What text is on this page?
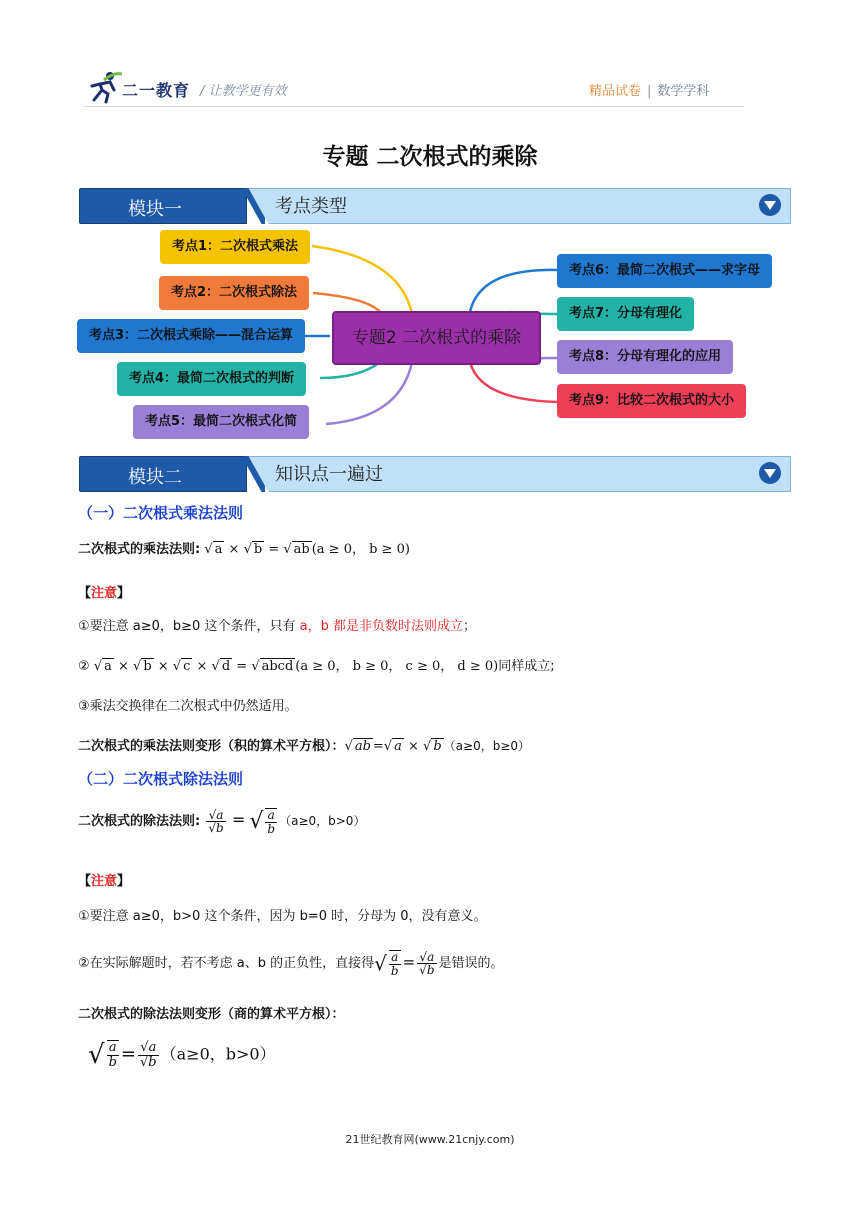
二一教育 / 让教学更有效	精品试卷 | 数学学科
专题 二次根式的乘除
模块一	考点类型
考点1：二次根式乘法
考点2：二次根式除法
考点3：二次根式乘除——混合运算
考点4：最简二次根式的判断
考点5：最简二次根式化简
专题2 二次根式的乘除
考点6：最简二次根式——求字母
考点7：分母有理化
考点8：分母有理化的应用
考点9：比较二次根式的大小
模块二	知识点一遍过
（一）二次根式乘法法则
二次根式的乘法法则: √ a × √ b = √ ab (a ≥ 0， b ≥ 0)
【注意】
①要注意 a≥0，b≥0 这个条件，只有 a，b 都是非负数时法则成立；
② √ a × √ b × √ c × √ d = √ abcd (a ≥ 0， b ≥ 0， c ≥ 0， d ≥ 0)同样成立;
③乘法交换律在二次根式中仍然适用。
二次根式的乘法法则变形（积的算术平方根）：√ ab =√ a × √ b （a≥0，b≥0）
（二）二次根式除法法则
二次根式的除法法则: $\frac{√a}{√b}$ = √ $\frac{a}{b} (a\ge 0$，b>0）
【注意】
①要注意 a≥0，b>0 这个条件，因为 b=0 时，分母为 0，没有意义。
②在实际解题时，若不考虑 a、b 的正负性，直接得√ $\frac{a}{b} = \frac{√a}{√b}$ 是错误的。
二次根式的除法法则变形（商的算术平方根）：
√ $\frac{a}{b} = \frac{√a}{√b} (a\ge 0$，b>0）
21世纪教育网(www.21cnjy.com)
